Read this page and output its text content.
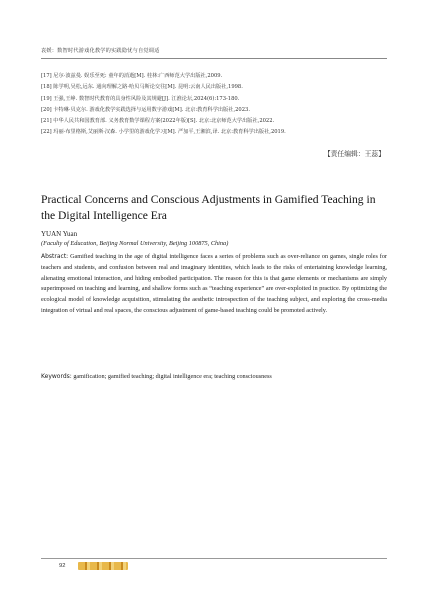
袁媛：数智时代游戏化教学的实践隐忧与自觉调适
[17] 尼尔·波兹曼. 娱乐至死: 童年的消逝[M]. 桂林:广西师范大学出版社,2009.
[18] 陈学明,吴松,远东. 通向理解之路·哈贝马斯论交往[M]. 昆明:云南人民出版社,1998.
[19] 王强,王峥. 数智时代教育的具身性风险及其规避[J]. 江淮论坛,2024(6):173-180.
[20] 卡特琳·贝克尔. 游戏化教学实践选择与运用数字游戏[M]. 北京:教育科学出版社,2023.
[21] 中华人民共和国教育部. 义务教育数学课程方案(2022年版)[S]. 北京:北京师范大学出版社,2022.
[22] 玛丽·布里格斯,艾丽斯·汉森. 小学里的游戏化学习[M]. 严加平,王湘滨,译. 北京:教育科学出版社,2019.
【责任编辑：王蕊】
Practical Concerns and Conscious Adjustments in Gamified Teaching in the Digital Intelligence Era
YUAN Yuan
(Faculty of Education, Beijing Normal University, Beijing 100875, China)
Abstract: Gamified teaching in the age of digital intelligence faces a series of problems such as over-reliance on games, single roles for teachers and students, and confusion between real and imaginary identities, which leads to the risks of entertaining knowledge learning, alienating emotional interaction, and hiding embodied participation. The reason for this is that game elements or mechanisms are simply superimposed on teaching and learning, and shallow forms such as “teaching experience” are over-exploited in practice. By optimizing the ecological model of knowledge acquisition, stimulating the aesthetic introspection of the teaching subject, and exploring the cross-media integration of virtual and real spaces, the conscious adjustment of game-based teaching could be promoted actively.
Keywords: gamification; gamified teaching; digital intelligence era; teaching consciousness
92
